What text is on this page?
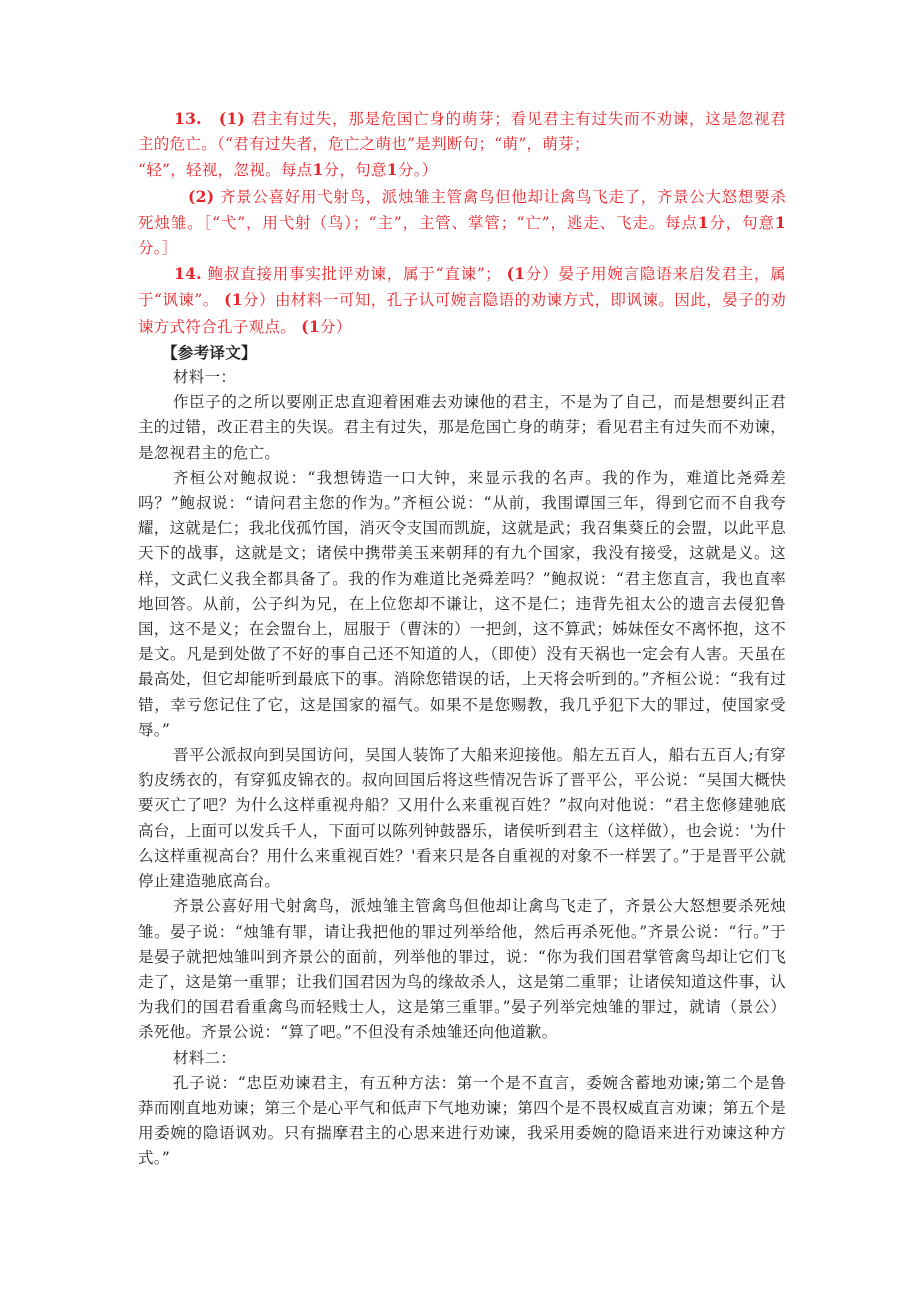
13. (1) 君主有过失，那是危国亡身的萌芽；看见君主有过失而不劝谏，这是忽视君主的危亡。（“君有过失者，危亡之萌也”是判断句；“萌”，萌芽；

“轻”，轻视，忽视。每点1分，句意1分。）

(2) 齐景公喜好用弋射鸟，派烛雏主管禽鸟但他却让禽鸟飞走了，齐景公大怒想要杀死烛雏。［“弋”，用弋射（鸟）；“主”，主管、掌管；“亡”，逃走、飞走。每点1分，句意1分。］

14. 鲍叔直接用事实批评劝谏，属于“直谏”； (1分）晏子用婉言隐语来启发君主，属于“讽谏”。 (1分）由材料一可知，孔子认可婉言隐语的劝谏方式，即讽谏。因此，晏子的劝谏方式符合孔子观点。 (1分）

【参考译文】

材料一：

作臣子的之所以要刚正忠直迎着困难去劝谏他的君主，不是为了自己，而是想要纠正君主的过错，改正君主的失误。君主有过失，那是危国亡身的萌芽；看见君主有过失而不劝谏，是忽视君主的危亡。

齐桓公对鲍叔说：“我想铸造一口大钟，来显示我的名声。我的作为，难道比尧舜差吗？”鲍叔说：“请问君主您的作为。”齐桓公说：“从前，我围谭国三年，得到它而不自我夸耀，这就是仁；我北伐孤竹国，消灭令支国而凯旋，这就是武；我召集葵丘的会盟，以此平息天下的战事，这就是文；诸侯中携带美玉来朝拜的有九个国家，我没有接受，这就是义。这样，文武仁义我全都具备了。我的作为难道比尧舜差吗？”鲍叔说：“君主您直言，我也直率地回答。从前，公子纠为兄，在上位您却不谦让，这不是仁；违背先祖太公的遗言去侵犯鲁国，这不是义；在会盟台上，屈服于（曹沫的）一把剑，这不算武；姊妹侄女不离怀抱，这不是文。凡是到处做了不好的事自己还不知道的人，（即使）没有天祸也一定会有人害。天虽在最高处，但它却能听到最底下的事。消除您错误的话，上天将会听到的。”齐桓公说：“我有过错，幸亏您记住了它，这是国家的福气。如果不是您赐教，我几乎犯下大的罪过，使国家受辱。”

晋平公派叔向到吴国访问，吴国人装饰了大船来迎接他。船左五百人，船右五百人;有穿豹皮绣衣的，有穿狐皮锦衣的。叔向回国后将这些情况告诉了晋平公，平公说：“吴国大概快要灭亡了吧？为什么这样重视舟船？又用什么来重视百姓？”叔向对他说：“君主您修建驰底高台，上面可以发兵千人，下面可以陈列钟鼓器乐，诸侯听到君主（这样做），也会说：'为什么这样重视高台？用什么来重视百姓？'看来只是各自重视的对象不一样罢了。”于是晋平公就停止建造驰底高台。

齐景公喜好用弋射禽鸟，派烛雏主管禽鸟但他却让禽鸟飞走了，齐景公大怒想要杀死烛雏。晏子说：“烛雏有罪，请让我把他的罪过列举给他，然后再杀死他。”齐景公说：“行。”于是晏子就把烛雏叫到齐景公的面前，列举他的罪过，说：“你为我们国君掌管禽鸟却让它们飞走了，这是第一重罪；让我们国君因为鸟的缘故杀人，这是第二重罪；让诸侯知道这件事，认为我们的国君看重禽鸟而轻贱士人，这是第三重罪。”晏子列举完烛雏的罪过，就请（景公）杀死他。齐景公说：“算了吧。”不但没有杀烛雏还向他道歉。

材料二：

孔子说：“忠臣劝谏君主，有五种方法：第一个是不直言，委婉含蓄地劝谏;第二个是鲁莽而刚直地劝谏；第三个是心平气和低声下气地劝谏；第四个是不畏权威直言劝谏；第五个是用委婉的隐语讽劝。只有揣摩君主的心思来进行劝谏，我采用委婉的隐语来进行劝谏这种方式。”
